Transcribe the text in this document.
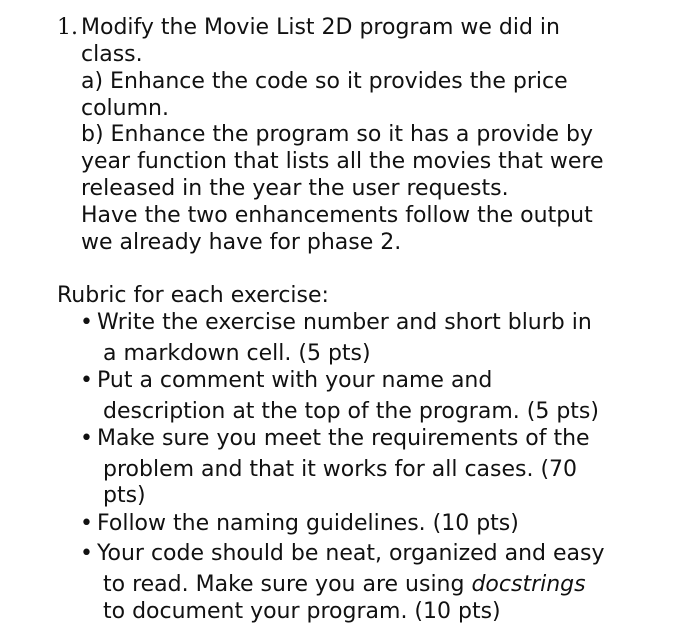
1. Modify the Movie List 2D program we did in
class.
a) Enhance the code so it provides the price
column.
b) Enhance the program so it has a provide by
year function that lists all the movies that were
released in the year the user requests.
Have the two enhancements follow the output
we already have for phase 2.
Rubric for each exercise:
• Write the exercise number and short blurb in
a markdown cell. (5 pts)
• Put a comment with your name and
description at the top of the program. (5 pts)
• Make sure you meet the requirements of the
problem and that it works for all cases. (70
pts)
• Follow the naming guidelines. (10 pts)
• Your code should be neat, organized and easy
to read. Make sure you are using docstrings
to document your program. (10 pts)
